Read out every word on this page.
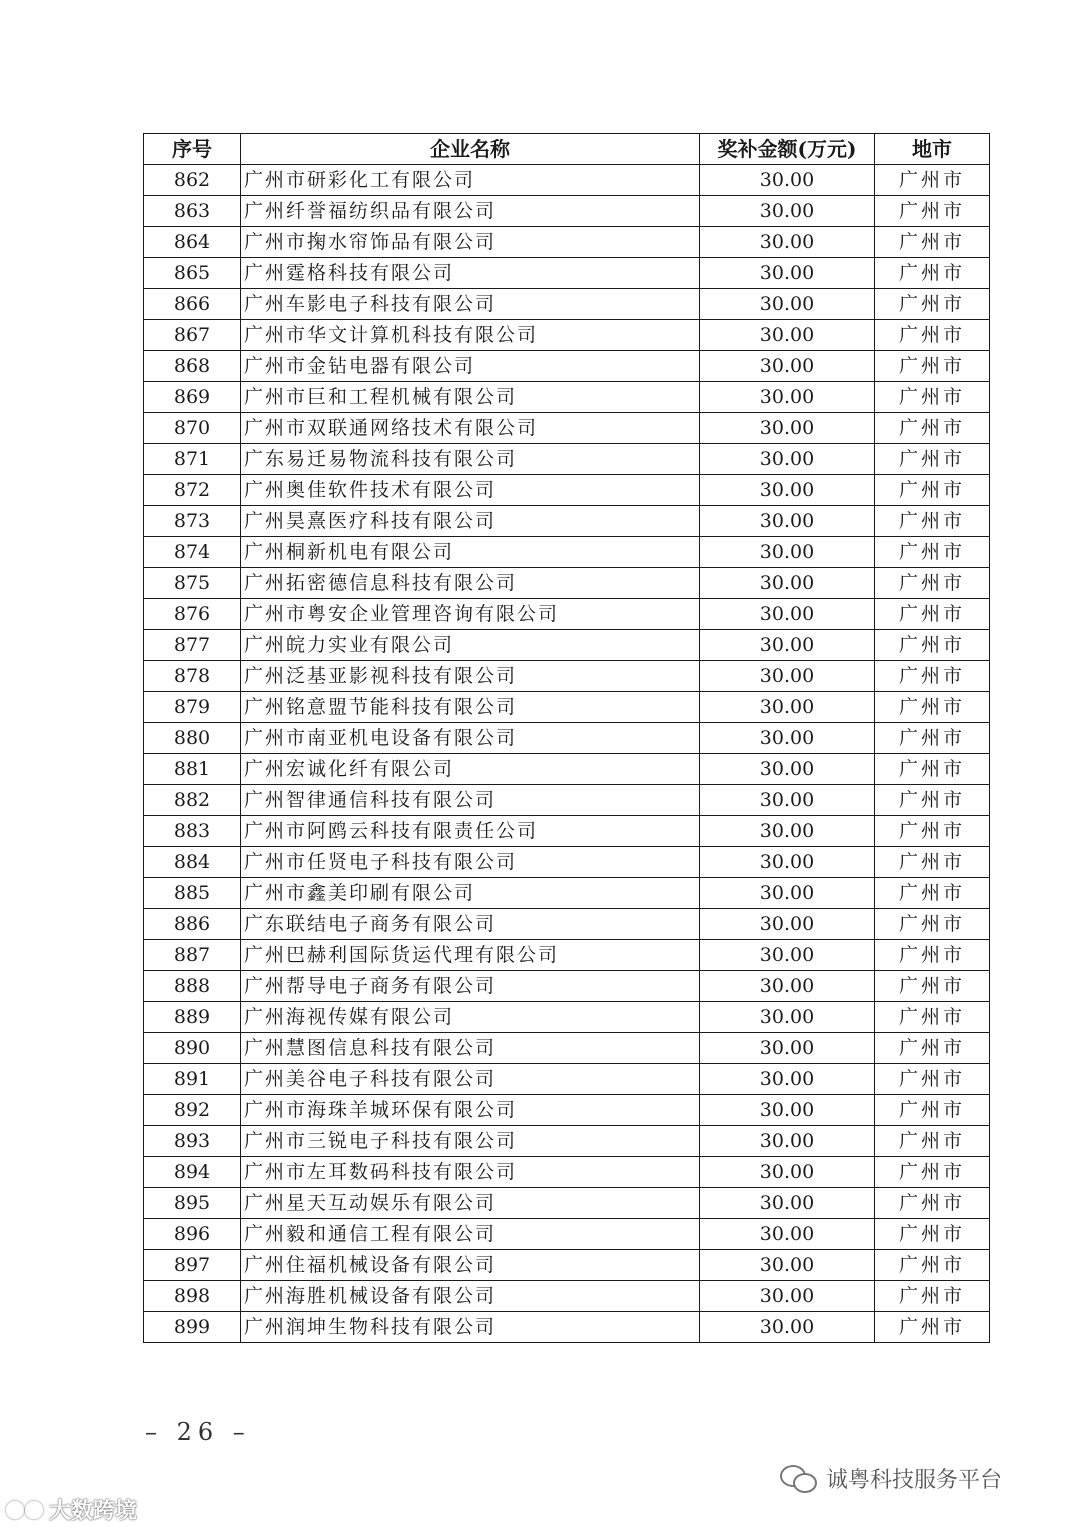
序号	企业名称	奖补金额(万元)	地市
862	广州市研彩化工有限公司	30.00	广州市
863	广州纤誉福纺织品有限公司	30.00	广州市
864	广州市掬水帘饰品有限公司	30.00	广州市
865	广州霆格科技有限公司	30.00	广州市
866	广州车影电子科技有限公司	30.00	广州市
867	广州市华文计算机科技有限公司	30.00	广州市
868	广州市金钻电器有限公司	30.00	广州市
869	广州市巨和工程机械有限公司	30.00	广州市
870	广州市双联通网络技术有限公司	30.00	广州市
871	广东易迁易物流科技有限公司	30.00	广州市
872	广州奥佳软件技术有限公司	30.00	广州市
873	广州昊熹医疗科技有限公司	30.00	广州市
874	广州桐新机电有限公司	30.00	广州市
875	广州拓密德信息科技有限公司	30.00	广州市
876	广州市粤安企业管理咨询有限公司	30.00	广州市
877	广州皖力实业有限公司	30.00	广州市
878	广州泛基亚影视科技有限公司	30.00	广州市
879	广州铭意盟节能科技有限公司	30.00	广州市
880	广州市南亚机电设备有限公司	30.00	广州市
881	广州宏诚化纤有限公司	30.00	广州市
882	广州智律通信科技有限公司	30.00	广州市
883	广州市阿鸥云科技有限责任公司	30.00	广州市
884	广州市任贤电子科技有限公司	30.00	广州市
885	广州市鑫美印刷有限公司	30.00	广州市
886	广东联结电子商务有限公司	30.00	广州市
887	广州巴赫利国际货运代理有限公司	30.00	广州市
888	广州帮导电子商务有限公司	30.00	广州市
889	广州海视传媒有限公司	30.00	广州市
890	广州慧图信息科技有限公司	30.00	广州市
891	广州美谷电子科技有限公司	30.00	广州市
892	广州市海珠羊城环保有限公司	30.00	广州市
893	广州市三锐电子科技有限公司	30.00	广州市
894	广州市左耳数码科技有限公司	30.00	广州市
895	广州星天互动娱乐有限公司	30.00	广州市
896	广州毅和通信工程有限公司	30.00	广州市
897	广州住福机械设备有限公司	30.00	广州市
898	广州海胜机械设备有限公司	30.00	广州市
899	广州润坤生物科技有限公司	30.00	广州市
– 26 –
大数跨境
诚粤科技服务平台
